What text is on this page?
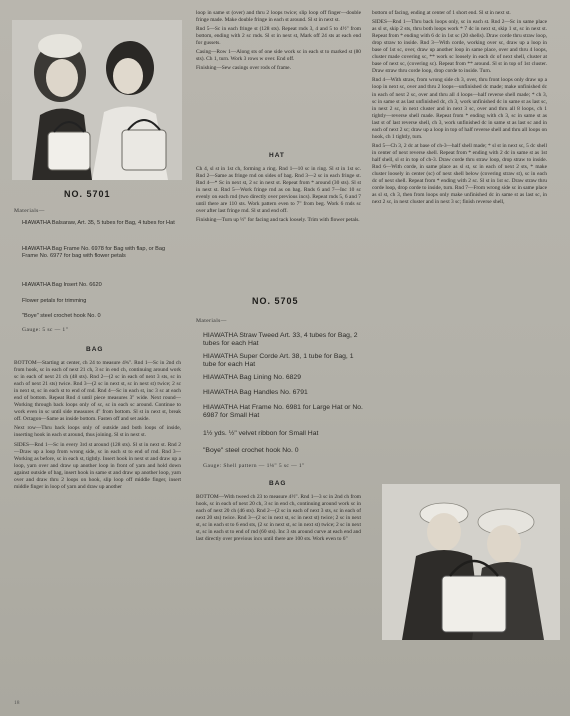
NO. 5701
Materials—
HIAWATHA Balsaraw, Art. 35, 5 tubes for Bag, 4 tubes for Hat
HIAWATHA Bag Frame No. 6978 for Bag with flap, or Bag Frame No. 6977 for bag with flower petals
HIAWATHA Bag Insert No. 6620
Flower petals for trimming
"Boye" steel crochet hook No. 0
Gauge: 5 sc — 1"
BAG

BOTTOM—Starting at center, ch 24 to measure 4¾". Rnd 1—Sc in 2nd ch from hook, sc in each of next 21 ch, 3 sc in end ch, continuing around work sc in each of next 21 ch (48 sts). Rnd 2—(2 sc in each of next 3 sts, sc in each of next 21 sts) twice. Rnd 3—(2 sc in next st, sc in next st) twice; 2 sc in next st, sc in each st to end of rnd. Rnd 4—Sc in each st, inc 3 sc at each end of bottom. Repeat Rnd 4 until piece measures 3" wide. Next round—Working through back loops only of sc, sc in each sc around. Continue to work even in sc until side measures 4" from bottom. Sl st in next st, break off. Octagon—Same as inside bottom. Fasten off and set aside.

Next row—Thru back loops only of outside and both loops of inside, inserting hook in each st around, thus joining. Sl st in next st.

SIDES—Rnd 1—Sc in every 3rd st around (128 sts). Sl st in next st. Rnd 2—Draw up a loop from wrong side, sc in each st to end of rnd. Rnd 3—Working as before, sc in each st, tightly. Insert hook in next st and draw up a loop, yarn over and draw up another loop in front of yarn and hold down against outside of bag, insert hook in same st and draw up another loop, yarn over and draw thru 2 loops on hook, slip loop off middle finger, insert middle finger in loop of yarn and draw up another

18

loop in same st (over) and thru 2 loops twice; slip loop off finger—double fringe made. Make double fringe in each st around. Sl st in next st.

Rnd 5—Sc in each fringe st (128 sts). Repeat rnds 3, 4 and 5 to 4½" from bottom, ending with 2 sc rnds. Sl st in next st, Mark off 24 sts at each end for gussets.

Casing—Row 1—Along sts of one side work sc in each st to marked st (80 sts). Ch 1, turn. Work 3 rows w over. End off.

Finishing—Sew casings over rods of frame.

HAT

Ch 4, sl st in 1st ch, forming a ring. Rnd 1—10 sc in ring. Sl st in 1st sc. Rnd 2—Same as fringe rnd on sides of bag. Rnd 3—2 sc in each fringe st. Rnd 4—* Sc in next st, 2 sc in next st. Repeat from * around (30 sts). Sl st in next st. Rnd 5—Work fringe rnd as on bag. Rnds 6 and 7—Inc 10 sc evenly on each rnd (two directly over previous incs). Repeat rnds 5, 6 and 7 until there are 110 sts. Work pattern even to 7" from beg. Work 6 rnds sc over after last fringe rnd. Sl st and end off.

Finishing—Turn up ½" for facing and tack loosely. Trim with flower petals.

NO. 5705
Materials—
HIAWATHA Straw Tweed Art. 33, 4 tubes for Bag, 2 tubes for each Hat
HIAWATHA Super Corde Art. 38, 1 tube for Bag, 1 tube for each Hat
HIAWATHA Bag Lining No. 6829
HIAWATHA Bag Handles No. 6791
HIAWATHA Hat Frame No. 6981 for Large Hat or No. 6987 for Small Hat
1½ yds. ½" velvet ribbon for Small Hat
"Boye" steel crochet hook No. 0
Gauge: Shell pattern — 1⅛" 5 sc — 1"
BAG

BOTTOM—With tweed ch 23 to measure 4½". Rnd 1—3 sc in 2nd ch from hook, sc in each of next 20 ch, 3 sc in end ch, continuing around work sc in each of next 20 ch (46 sts). Rnd 2—(2 sc in each of next 3 sts, sc in each of next 20 sts) twice. Rnd 3—(2 sc in next st, sc in next st) twice; 2 sc in next st, sc in each st to 6 end sts, (2 sc in next st, sc in next st) twice; 2 sc in next st, sc in each st to end of rnd (60 sts). Inc 3 sts around curve at each end and last directly over previous incs until there are 100 sts. Work even to 6"

bottom of facing, ending at center of 1 short end. Sl st in next st.

SIDES—Rnd 1—Thru back loops only, sc in each st. Rnd 2—Sc in same place as sl st, skip 2 sts, thru both loops work * 7 dc in next st, skip 1 st, sc in next st. Repeat from * ending with 6 dc in 1st sc (20 shells). Draw corde thru straw loop, drop straw to inside. Rnd 3—With corde, working over sc, draw up a loop in base of 1st sc, over, draw up another loop in same place, over and thru 4 loops, cluster made covering sc, ** work sc loosely in each dc of next shell, cluster at base of next sc, (covering sc). Repeat from ** around. Sl st in top of 1st cluster. Draw straw thru corde loop, drop corde to inside. Turn.

Rnd 4—With straw, from wrong side ch 3, over, thru front loops only draw up a loop in next sc, over and thru 2 loops—unfinished dc made; make unfinished dc in each of next 2 sc, over and thru all 4 loops—half reverse shell made; * ch 3, sc in same st as last unfinished dc, ch 3, work unfinished dc in same st as last sc, in next 2 sc, in next cluster and in next 3 sc, over and thru all 8 loops, ch 1 tightly—reverse shell made. Repeat from * ending with ch 3, sc in same st as last st of last reverse shell, ch 3, work unfinished dc in same st as last sc and in each of next 2 sc; draw up a loop in top of half reverse shell and thru all loops on hook, ch 1 tightly, turn.

Rnd 5—Ch 3, 2 dc at base of ch-3—half shell made; * sl st in next sc, 5 dc shell in center of next reverse shell. Repeat from * ending with 2 dc in same st as 1st half shell, sl st in top of ch-3. Draw corde thru straw loop, drop straw to inside. Rnd 6—With corde, in same place as sl st, sc in each of next 2 sts, * make cluster loosely in center (sc) of next shell below (covering straw st), sc in each dc of next shell. Repeat from * ending with 2 sc. Sl st in 1st sc. Draw straw thru corde loop, drop corde to inside, turn. Rnd 7—From wrong side sc in same place as sl st, ch 3, then from loops only make unfinished dc in same st as last sc, in next 2 sc, in next cluster and in next 3 sc; finish reverse shell,
